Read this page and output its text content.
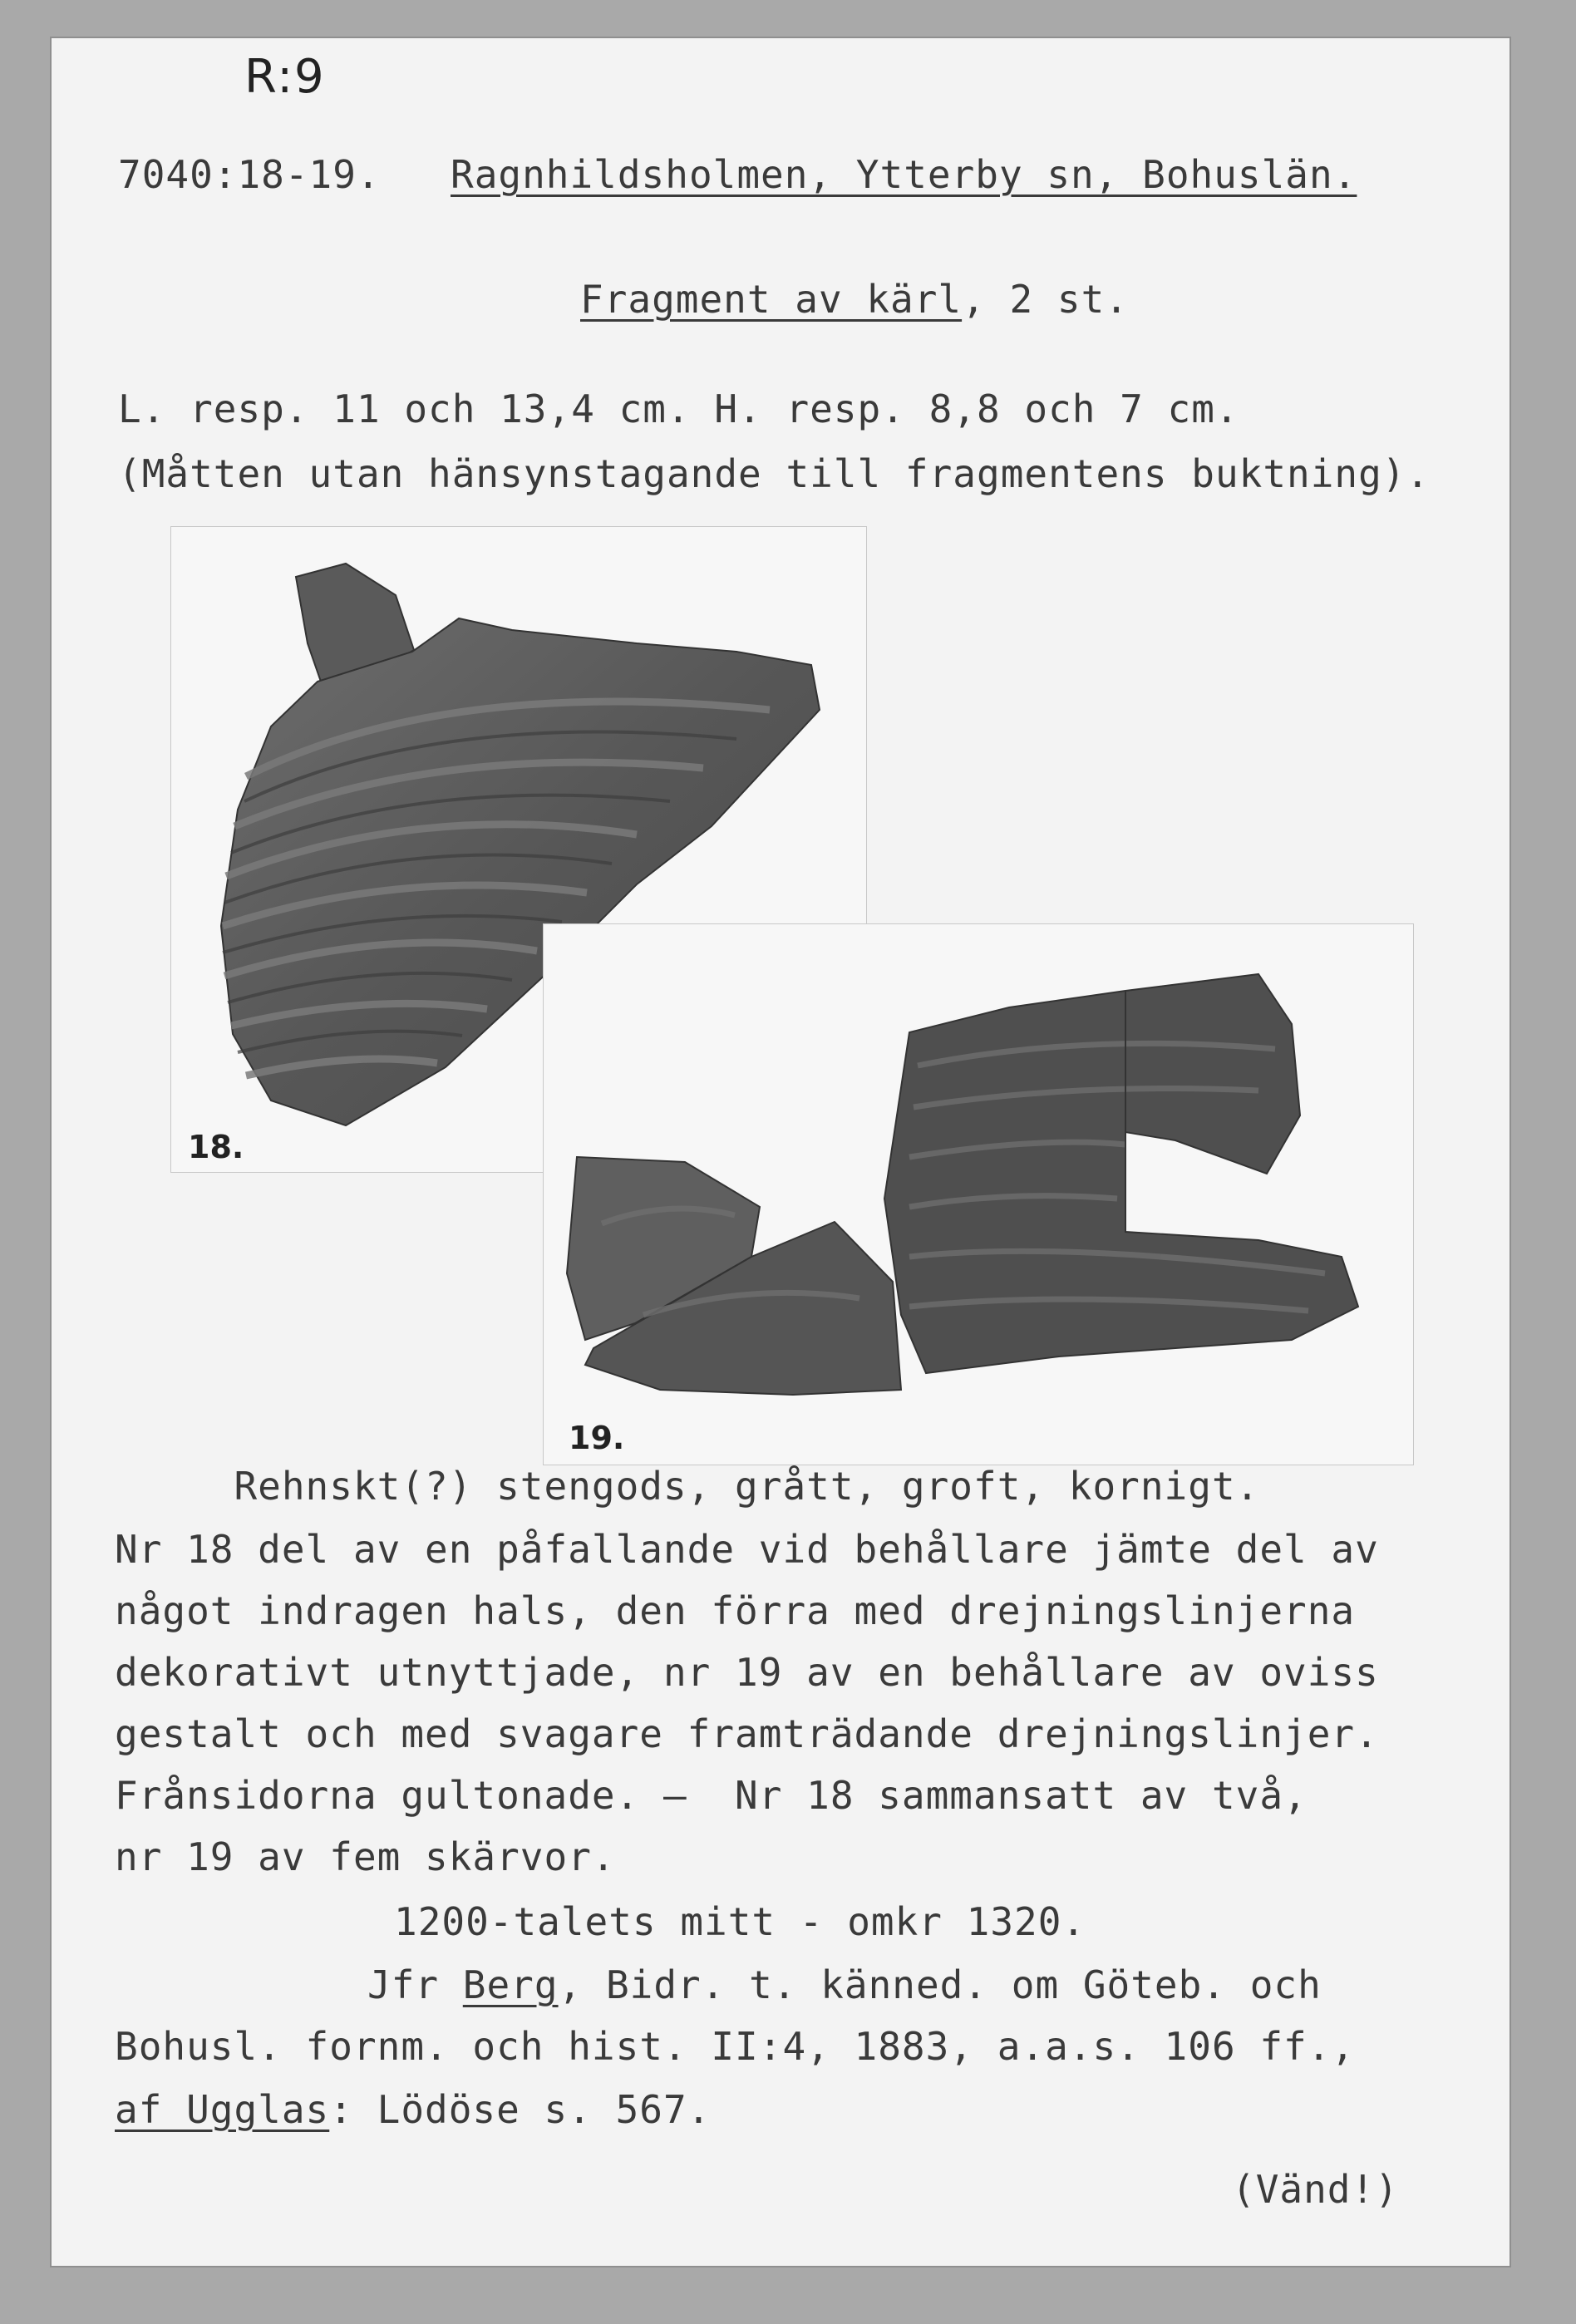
R:9
7040:18-19. Ragnhildsholmen, Ytterby sn, Bohuslän.
Fragment av kärl, 2 st.
L. resp. 11 och 13,4 cm. H. resp. 8,8 och 7 cm.
(Måtten utan hänsynstagande till fragmentens buktning).
18.
19.
Rehnskt(?) stengods, grått, groft, kornigt.
Nr 18 del av en påfallande vid behållare jämte del av
något indragen hals, den förra med drejningslinjerna
dekorativt utnyttjade, nr 19 av en behållare av oviss
gestalt och med svagare framträdande drejningslinjer.
Frånsidorna gultonade. —  Nr 18 sammansatt av två,
nr 19 av fem skärvor.
1200-talets mitt - omkr 1320.
Jfr Berg, Bidr. t. känned. om Göteb. och
Bohusl. fornm. och hist. II:4, 1883, a.a.s. 106 ff.,
af Ugglas: Lödöse s. 567.
(Vänd!)
